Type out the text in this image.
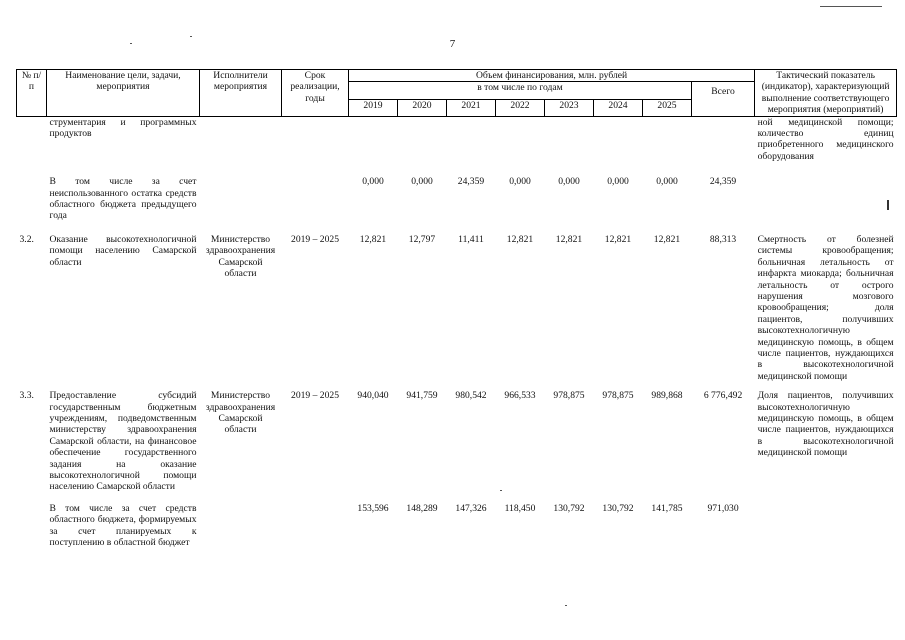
7
№ п/п	Наименование цели, задачи, мероприятия	Исполнители мероприятия	Срок реализации, годы	Объем финансирования, млн. рублей								Тактический показатель (индикатор), характеризующий выполнение соответствующего мероприятия (мероприятий)
				в том числе по годам							Всего	
				2019	2020	2021	2022	2023	2024	2025		
	струментария и программных продуктов											ной медицинской помощи; количество единиц приобретенного медицинского оборудования

	В том числе за счет неиспользованного остатка средств областного бюджета предыдущего года			0,000	0,000	24,359	0,000	0,000	0,000	0,000	24,359	

3.2.	Оказание высокотехнологичной помощи населению Самарской области	Министерство здравоохранения Самарской области	2019 – 2025	12,821	12,797	11,411	12,821	12,821	12,821	12,821	88,313	Смертность от болезней системы кровообращения; больничная летальность от инфаркта миокарда; больничная летальность от острого нарушения мозгового кровообращения; доля пациентов, получивших высокотехнологичную медицинскую помощь, в общем числе пациентов, нуждающихся в высокотехнологичной медицинской помощи

3.3.	Предоставление субсидий государственным бюджетным учреждениям, подведомственным министерству здравоохранения Самарской области, на финансовое обеспечение государственного задания на оказание высокотехнологичной помощи населению Самарской области	Министерство здравоохранения Самарской области	2019 – 2025	940,040	941,759	980,542	966,533	978,875	978,875	989,868	6 776,492	Доля пациентов, получивших высокотехнологичную медицинскую помощь, в общем числе пациентов, нуждающихся в высокотехнологичной медицинской помощи

	В том числе за счет средств областного бюджета, формируемых за счет планируемых к поступлению в областной бюджет			153,596	148,289	147,326	118,450	130,792	130,792	141,785	971,030	
